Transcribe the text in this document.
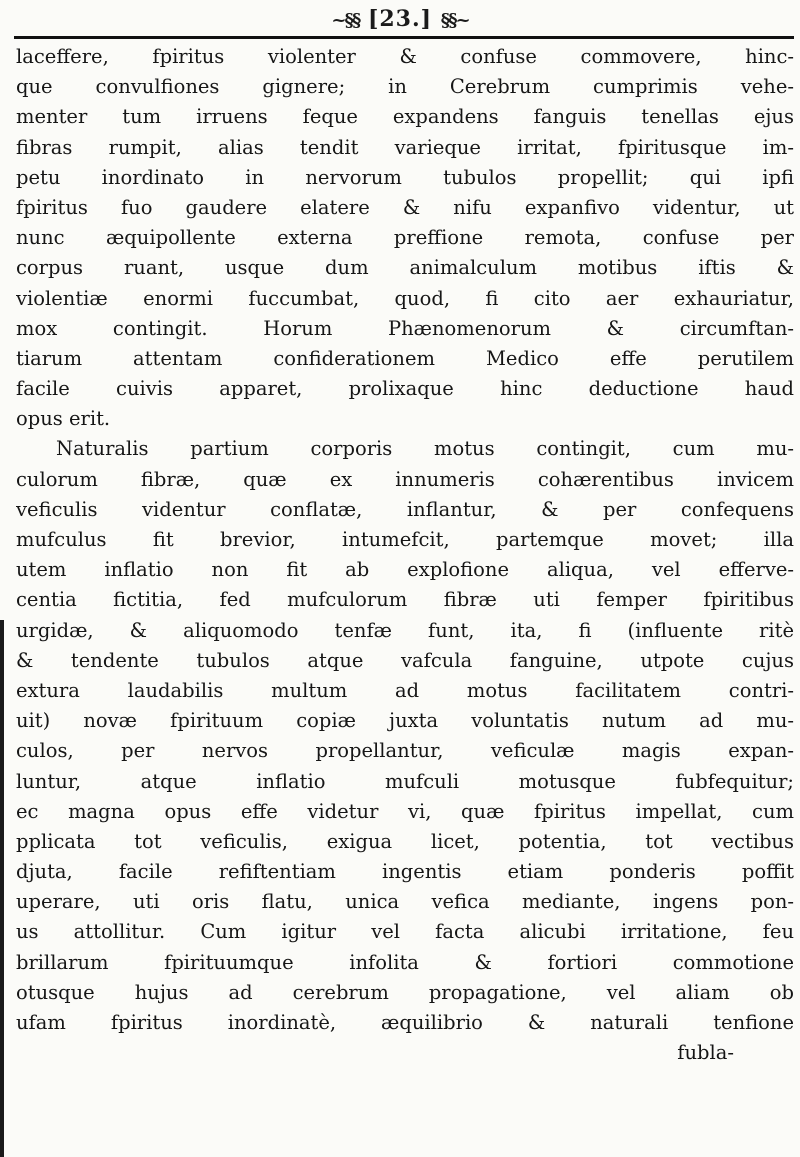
~§§ [23.] §§~
laceffere, fpiritus violenter & confuse commovere, hinc-
que convulfiones gignere; in Cerebrum cumprimis vehe-
menter tum irruens feque expandens fanguis tenellas ejus
fibras rumpit, alias tendit varieque irritat, fpiritusque im-
petu inordinato in nervorum tubulos propellit; qui ipfi
fpiritus fuo gaudere elatere & nifu expanfivo videntur, ut
nunc æquipollente externa preffione remota, confuse per
corpus ruant, usque dum animalculum motibus iftis &
violentiæ enormi fuccumbat, quod, fi cito aer exhauriatur,
mox contingit. Horum Phænomenorum & circumftan-
tiarum attentam confiderationem Medico effe perutilem
facile cuivis apparet, prolixaque hinc deductione haud
opus erit.
Naturalis partium corporis motus contingit, cum mu-
culorum fibræ, quæ ex innumeris cohærentibus invicem
veficulis videntur conflatæ, inflantur, & per confequens
mufculus fit brevior, intumefcit, partemque movet; illa
utem inflatio non fit ab explofione aliqua, vel efferve-
centia fictitia, fed mufculorum fibræ uti femper fpiritibus
urgidæ, & aliquomodo tenfæ funt, ita, fi (influente ritè
& tendente tubulos atque vafcula fanguine, utpote cujus
extura laudabilis multum ad motus facilitatem contri-
uit) novæ fpirituum copiæ juxta voluntatis nutum ad mu-
culos, per nervos propellantur, veficulæ magis expan-
luntur, atque inflatio mufculi motusque fubfequitur;
ec magna opus effe videtur vi, quæ fpiritus impellat, cum
pplicata tot veficulis, exigua licet, potentia, tot vectibus
djuta, facile refiftentiam ingentis etiam ponderis poffit
uperare, uti oris flatu, unica vefica mediante, ingens pon-
us attollitur. Cum igitur vel facta alicubi irritatione, feu
brillarum fpirituumque infolita & fortiori commotione
otusque hujus ad cerebrum propagatione, vel aliam ob
ufam fpiritus inordinatè, æquilibrio & naturali tenfione
fubla-
